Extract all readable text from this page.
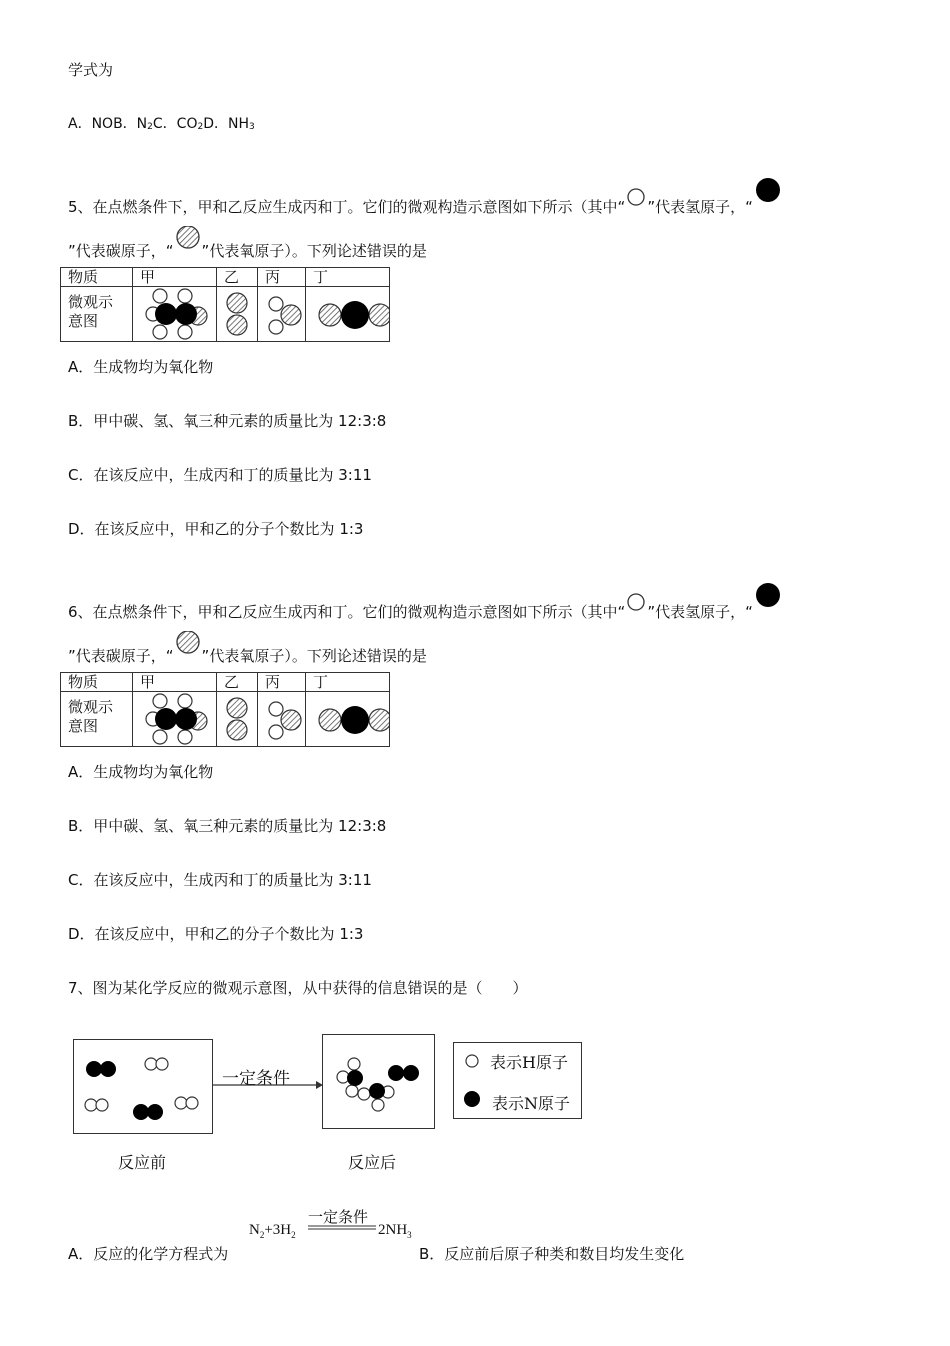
学式为
A．NOB．N2C．CO2D．NH3
5、在点燃条件下，甲和乙反应生成丙和丁。它们的微观构造示意图如下所示（其中“ ”代表氢原子，“
”代表碳原子，“ ”代表氧原子）。下列论述错误的是
物质	甲	乙	丙	丁
微观示
意图	

A．生成物均为氧化物
B．甲中碳、氢、氧三种元素的质量比为 12:3:8
C．在该反应中，生成丙和丁的质量比为 3:11
D．在该反应中，甲和乙的分子个数比为 1:3
6、在点燃条件下，甲和乙反应生成丙和丁。它们的微观构造示意图如下所示（其中“ ”代表氢原子，“
”代表碳原子，“ ”代表氧原子）。下列论述错误的是
物质	甲	乙	丙	丁
微观示
意图	

A．生成物均为氧化物
B．甲中碳、氢、氧三种元素的质量比为 12:3:8
C．在该反应中，生成丙和丁的质量比为 3:11
D．在该反应中，甲和乙的分子个数比为 1:3
7、图为某化学反应的微观示意图，从中获得的信息错误的是（　　）
一定条件
表示H原子
表示N原子
反应前	反应后
A．反应的化学方程式为
$N_2+3H_2$
一定条件
$2NH_3$
B．反应前后原子种类和数目均发生变化
